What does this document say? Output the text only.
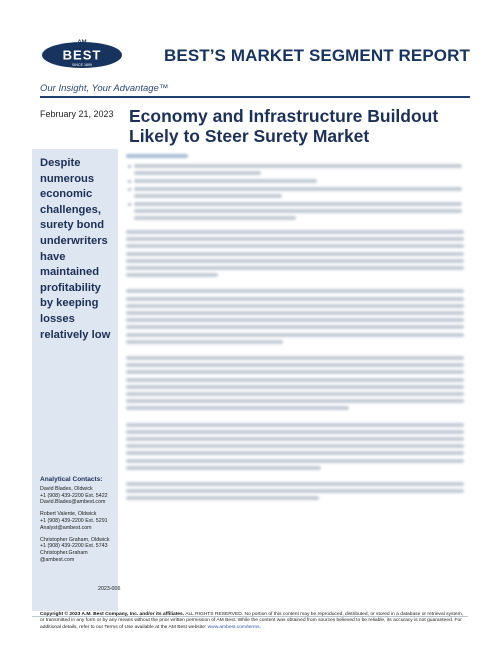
AM
BEST
SINCE 1899	BEST’S MARKET SEGMENT REPORT
Our Insight, Your Advantage™
February 21, 2023 Economy and Infrastructure Buildout
Likely to Steer Surety Market
Despite numerous economic challenges, surety bond underwriters have maintained profitability by keeping losses relatively low
Analytical Contacts:
David Blades, Oldwick
+1 (908) 439-2200 Ext. 5422
David.Blades@ambest.com
Robert Valente, Oldwick
+1 (908) 439-2200 Ext. 5291
Analyst@ambest.com
Christopher Graham, Oldwick
+1 (908) 439-2200 Ext. 5743
Christopher.Graham
@ambest.com
2023-006
Copyright © 2023 A.M. Best Company, Inc. and/or its affiliates. ALL RIGHTS RESERVED. No portion of this content may be reproduced, distributed, or stored in a database or retrieval system, or transmitted in any form or by any means without the prior written permission of AM Best. While the content was obtained from sources believed to be reliable, its accuracy is not guaranteed. For additional details, refer to our Terms of Use available at the AM Best website: www.ambest.com/terms.
